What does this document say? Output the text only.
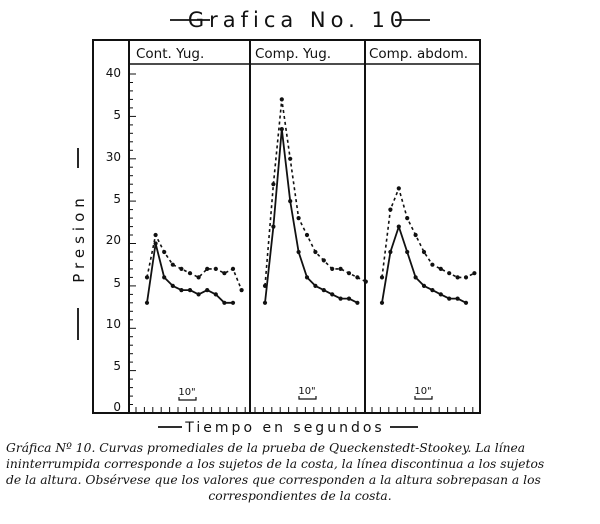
Grafica No. 10
Cont. Yug.	Comp. Yug.	Comp. abdom.
0
5
10
5
20
5
30
5
40
Presion
Tiempo en segundos
10"	10"	10"
Gráfica Nº 10. Curvas promediales de la prueba de Queckenstedt-Stookey. La línea
ininterrumpida corresponde a los sujetos de la costa, la línea discontinua a los sujetos
de la altura. Obsérvese que los valores que corresponden a la altura sobrepasan a los
correspondientes de la costa.
